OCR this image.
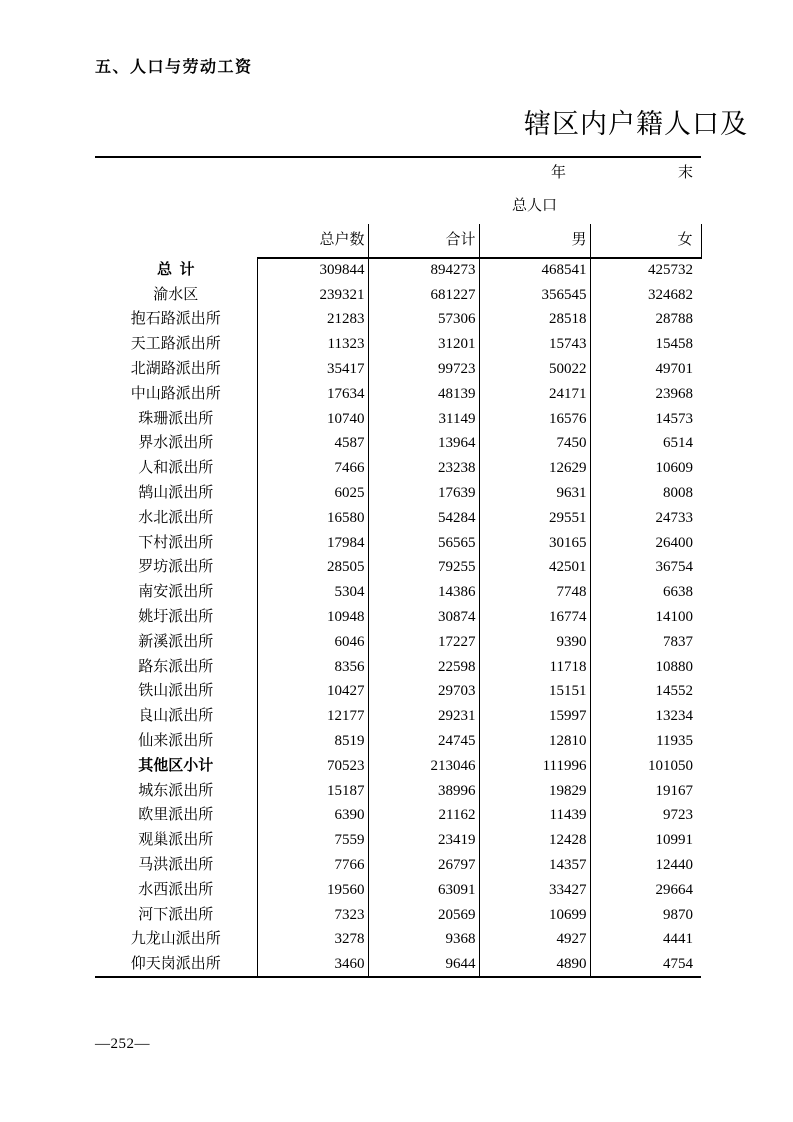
五、人口与劳动工资
辖区内户籍人口及

	年 末			

		总人口		
	总户数	合计	男	女
总  计	309844	894273	468541	425732
渝水区	239321	681227	356545	324682
抱石路派出所	21283	57306	28518	28788
天工路派出所	11323	31201	15743	15458
北湖路派出所	35417	99723	50022	49701
中山路派出所	17634	48139	24171	23968
珠珊派出所	10740	31149	16576	14573
界水派出所	4587	13964	7450	6514
人和派出所	7466	23238	12629	10609
鹄山派出所	6025	17639	9631	8008
水北派出所	16580	54284	29551	24733
下村派出所	17984	56565	30165	26400
罗坊派出所	28505	79255	42501	36754
南安派出所	5304	14386	7748	6638
姚圩派出所	10948	30874	16774	14100
新溪派出所	6046	17227	9390	7837
路东派出所	8356	22598	11718	10880
铁山派出所	10427	29703	15151	14552
良山派出所	12177	29231	15997	13234
仙来派出所	8519	24745	12810	11935
其他区小计	70523	213046	111996	101050
城东派出所	15187	38996	19829	19167
欧里派出所	6390	21162	11439	9723
观巢派出所	7559	23419	12428	10991
马洪派出所	7766	26797	14357	12440
水西派出所	19560	63091	33427	29664
河下派出所	7323	20569	10699	9870
九龙山派出所	3278	9368	4927	4441
仰天岗派出所	3460	9644	4890	4754
—252—
